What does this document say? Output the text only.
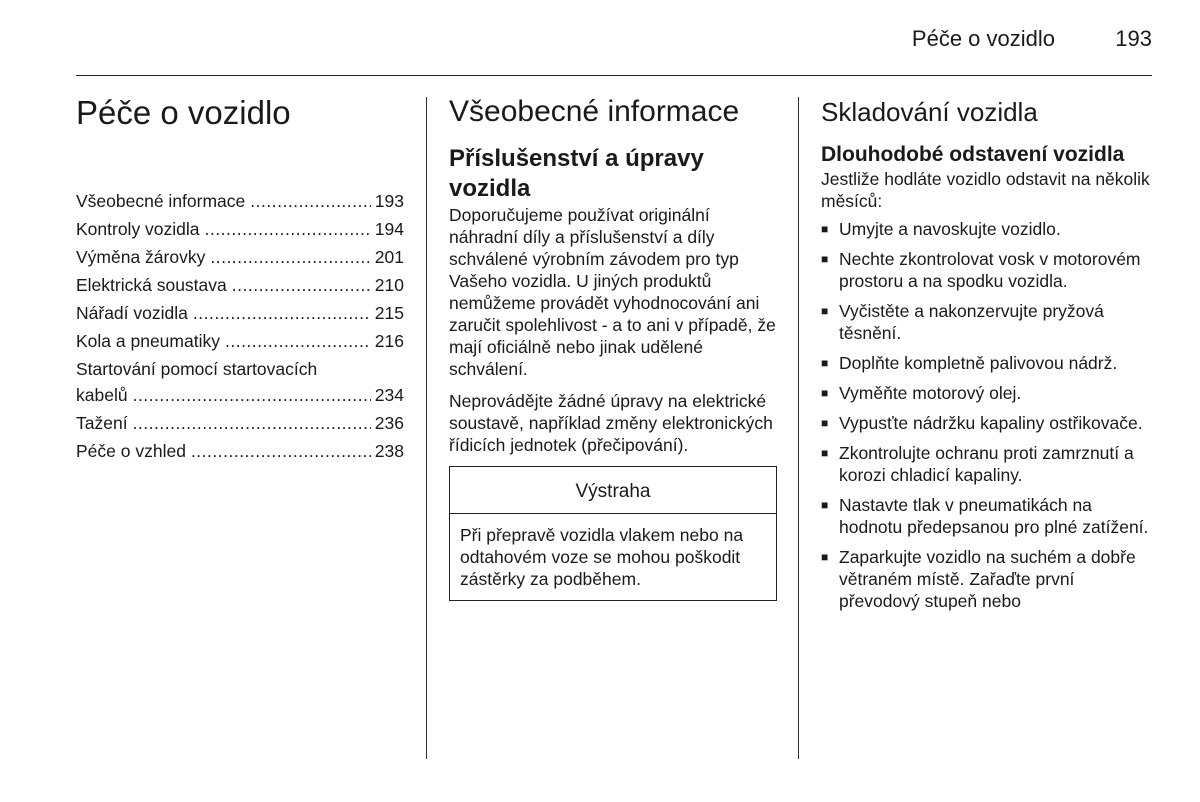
Péče o vozidlo	193
Péče o vozidlo
Všeobecné informace .....	193
Kontroly vozidla .....	194
Výměna žárovky .....	201
Elektrická soustava .....	210
Nářadí vozidla .....	215
Kola a pneumatiky .....	216
Startování pomocí startovacích
kabelů .....	234
Tažení .....	236
Péče o vzhled .....	238
Všeobecné informace
Příslušenství a úpravy vozidla

Doporučujeme používat originální náhradní díly a příslušenství a díly schválené výrobním závodem pro typ Vašeho vozidla. U jiných produktů nemůžeme provádět vyhodnocování ani zaručit spolehlivost - a to ani v případě, že mají oficiálně nebo jinak udělené schválení.

Neprovádějte žádné úpravy na elektrické soustavě, například změny elektronických řídicích jednotek (přečipování).

Výstraha
Při přepravě vozidla vlakem nebo na odtahovém voze se mohou poškodit zástěrky za podběhem.
Skladování vozidla
Dlouhodobé odstavení vozidla

Jestliže hodláte vozidlo odstavit na několik měsíců:

■ Umyjte a navoskujte vozidlo.
■ Nechte zkontrolovat vosk v motorovém prostoru a na spodku vozidla.
■ Vyčistěte a nakonzervujte pryžová těsnění.
■ Doplňte kompletně palivovou nádrž.
■ Vyměňte motorový olej.
■ Vypusťte nádržku kapaliny ostřikovače.
■ Zkontrolujte ochranu proti zamrznutí a korozi chladicí kapaliny.
■ Nastavte tlak v pneumatikách na hodnotu předepsanou pro plné zatížení.
■ Zaparkujte vozidlo na suchém a dobře větraném místě. Zařaďte první převodový stupeň nebo
